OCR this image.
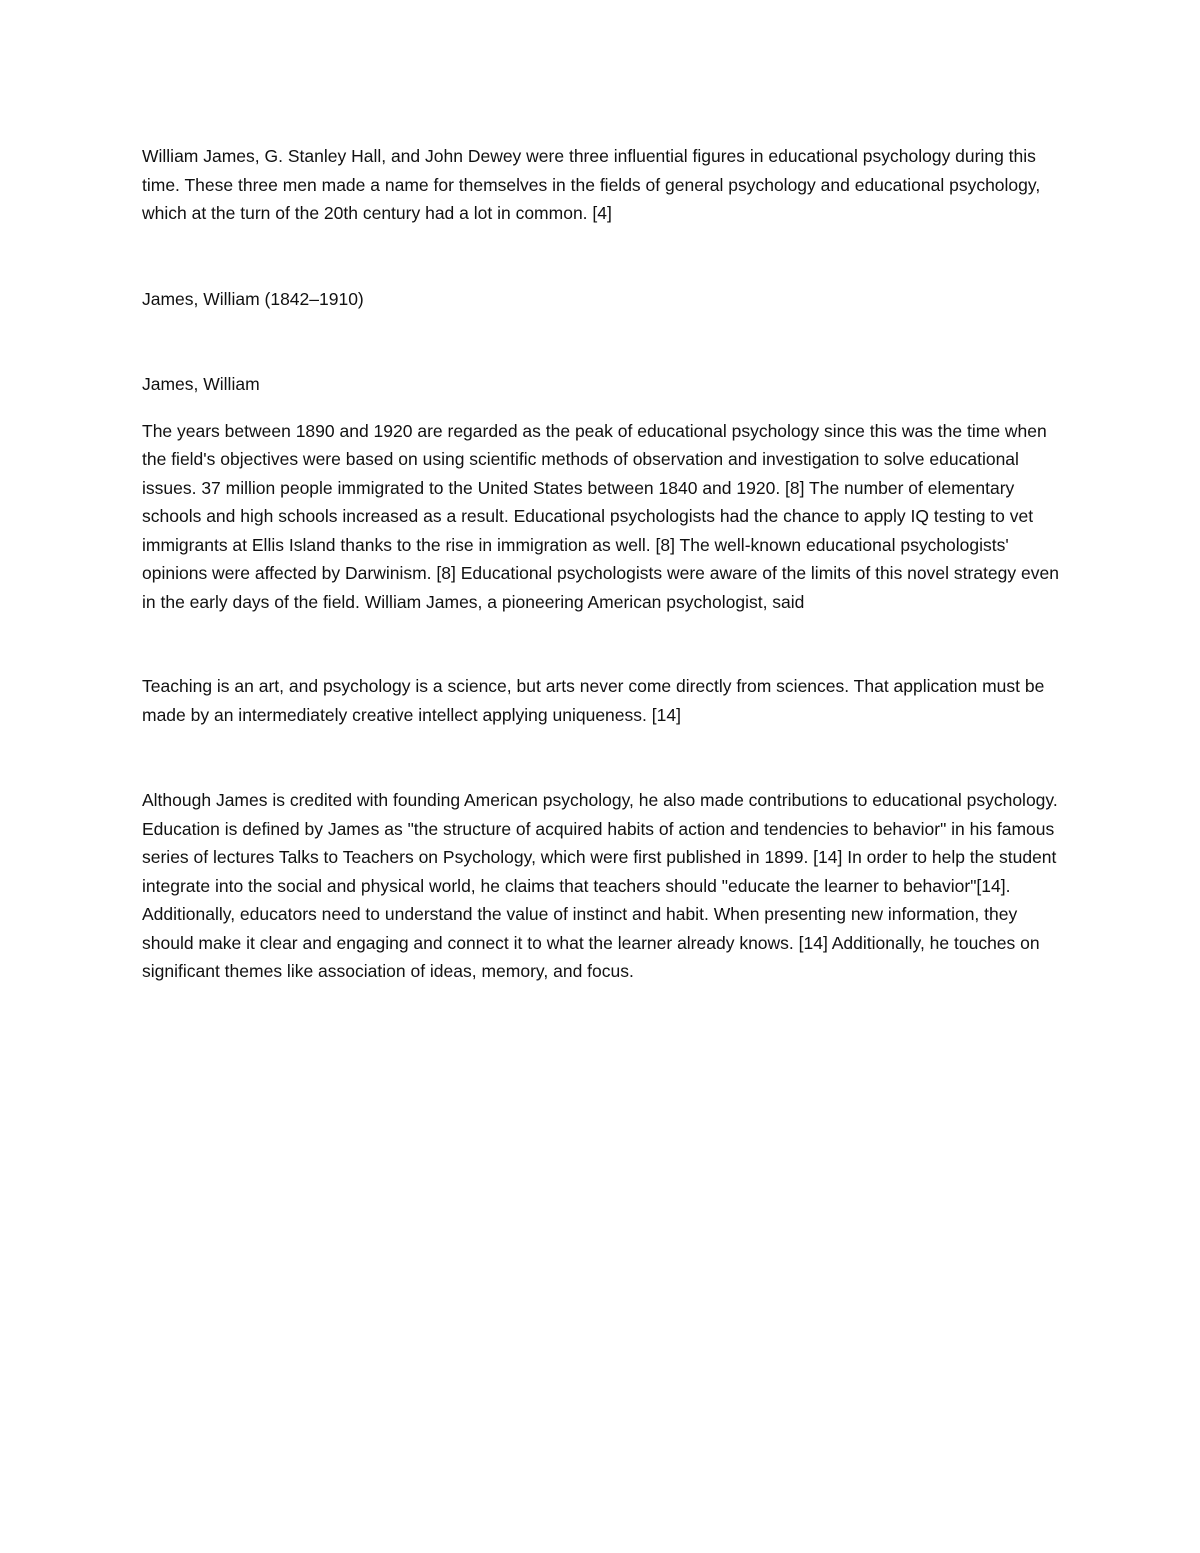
William James, G. Stanley Hall, and John Dewey were three influential figures in educational psychology during this time. These three men made a name for themselves in the fields of general psychology and educational psychology, which at the turn of the 20th century had a lot in common. [4]

James, William (1842–1910)

James, William

The years between 1890 and 1920 are regarded as the peak of educational psychology since this was the time when the field's objectives were based on using scientific methods of observation and investigation to solve educational issues. 37 million people immigrated to the United States between 1840 and 1920. [8] The number of elementary schools and high schools increased as a result. Educational psychologists had the chance to apply IQ testing to vet immigrants at Ellis Island thanks to the rise in immigration as well. [8] The well-known educational psychologists' opinions were affected by Darwinism. [8] Educational psychologists were aware of the limits of this novel strategy even in the early days of the field. William James, a pioneering American psychologist, said

Teaching is an art, and psychology is a science, but arts never come directly from sciences. That application must be made by an intermediately creative intellect applying uniqueness. [14]

Although James is credited with founding American psychology, he also made contributions to educational psychology. Education is defined by James as "the structure of acquired habits of action and tendencies to behavior" in his famous series of lectures Talks to Teachers on Psychology, which were first published in 1899. [14] In order to help the student integrate into the social and physical world, he claims that teachers should "educate the learner to behavior"[14]. Additionally, educators need to understand the value of instinct and habit. When presenting new information, they should make it clear and engaging and connect it to what the learner already knows. [14] Additionally, he touches on significant themes like association of ideas, memory, and focus.
